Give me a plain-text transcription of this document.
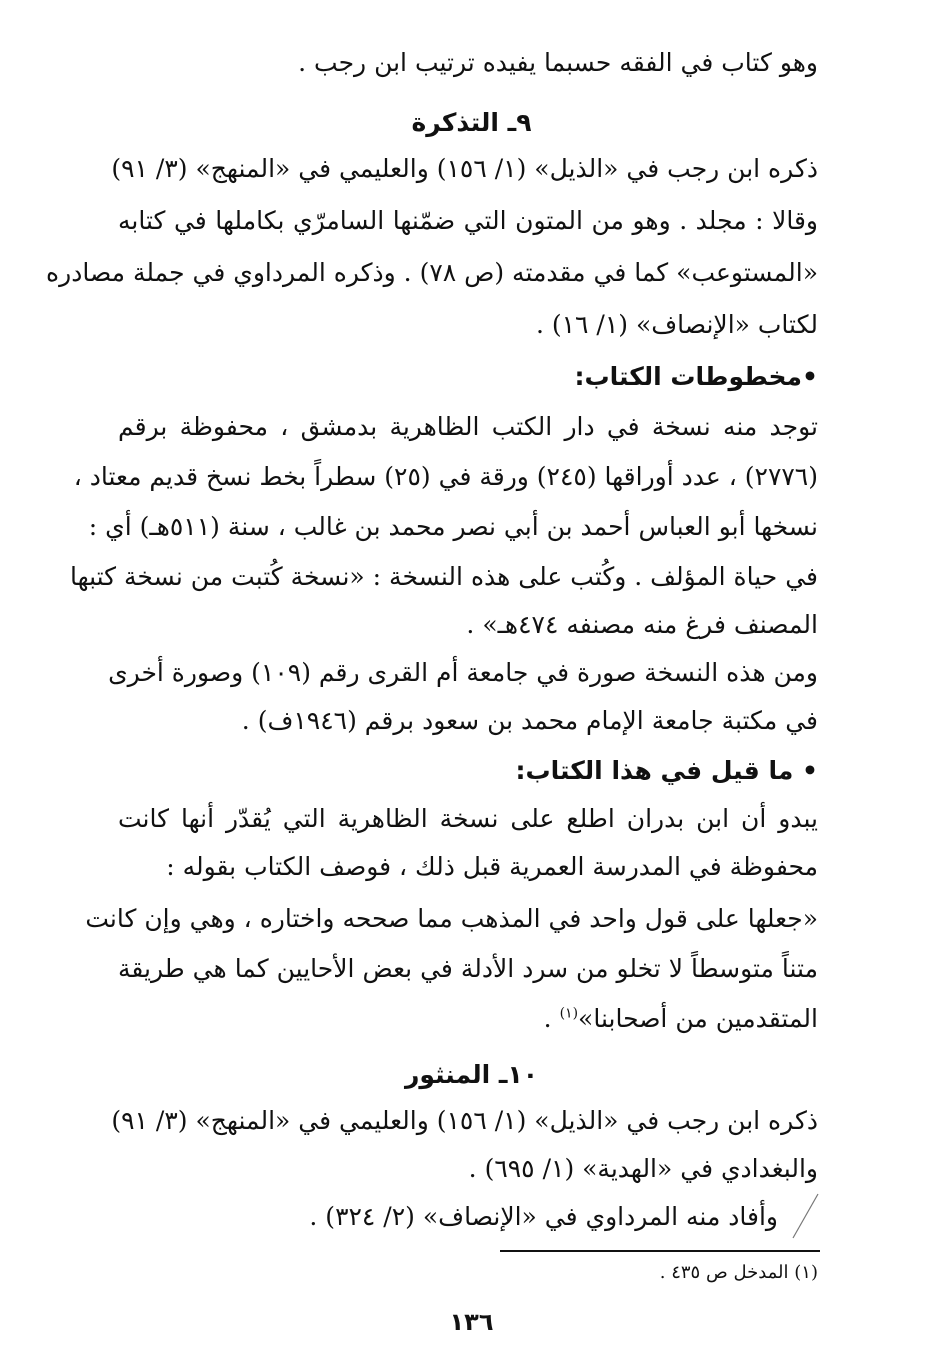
وهو كتاب في الفقه حسبما يفيده ترتيب ابن رجب .
٩ـ التذكرة
ذكره ابن رجب في «الذيل» (١/ ١٥٦) والعليمي في «المنهج» (٣/ ٩١)
وقالا : مجلد . وهو من المتون التي ضمّنها السامرّي بكاملها في كتابه
«المستوعب» كما في مقدمته (ص ٧٨) . وذكره المرداوي في جملة مصادره
لكتاب «الإنصاف» (١/ ١٦) .
•مخطوطات الكتاب:
توجد منه نسخة في دار الكتب الظاهرية بدمشق ، محفوظة برقم
(٢٧٧٦) ، عدد أوراقها (٢٤٥) ورقة في (٢٥) سطراً بخط نسخ قديم معتاد ،
نسخها أبو العباس أحمد بن أبي نصر محمد بن غالب ، سنة (٥١١هـ) أي :
في حياة المؤلف . وكُتب على هذه النسخة : «نسخة كُتبت من نسخة كتبها
المصنف فرغ منه مصنفه ٤٧٤هـ» .
ومن هذه النسخة صورة في جامعة أم القرى رقم (١٠٩) وصورة أخرى
في مكتبة جامعة الإمام محمد بن سعود برقم (١٩٤٦ف) .
• ما قيل في هذا الكتاب:
يبدو أن ابن بدران اطلع على نسخة الظاهرية التي يُقدّر أنها كانت
محفوظة في المدرسة العمرية قبل ذلك ، فوصف الكتاب بقوله :
«جعلها على قول واحد في المذهب مما صححه واختاره ، وهي وإن كانت
متناً متوسطاً لا تخلو من سرد الأدلة في بعض الأحايين كما هي طريقة
المتقدمين من أصحابنا»$^{(١)}$ .
١٠ـ المنثور
ذكره ابن رجب في «الذيل» (١/ ١٥٦) والعليمي في «المنهج» (٣/ ٩١)
والبغدادي في «الهدية» (١/ ٦٩٥) .
وأفاد منه المرداوي في «الإنصاف» (٢/ ٣٢٤) .
(١) المدخل ص ٤٣٥ .
١٣٦
